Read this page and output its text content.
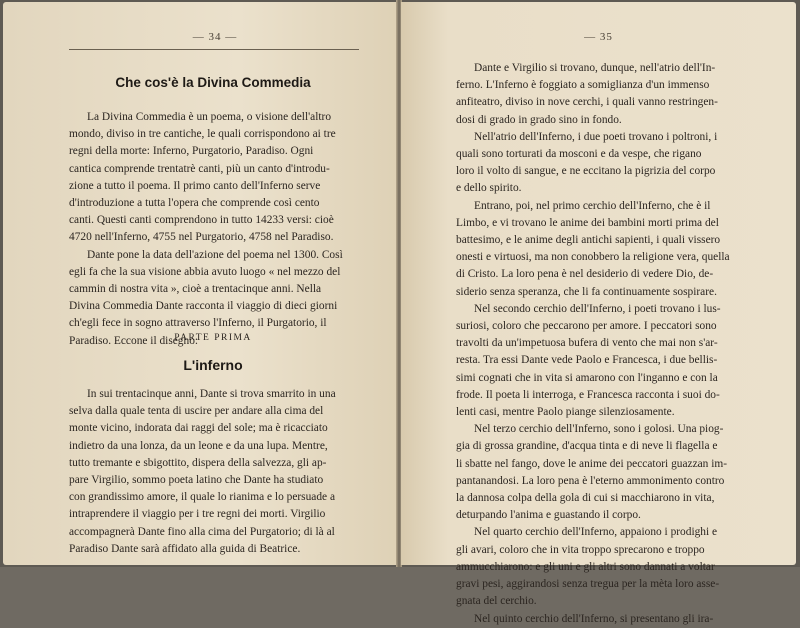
— 34 —
Che cos'è la Divina Commedia
La Divina Commedia è un poema, o visione dell'altro
mondo, diviso in tre cantiche, le quali corrispondono ai tre
regni della morte: Inferno, Purgatorio, Paradiso. Ogni
cantica comprende trentatrè canti, più un canto d'introdu-
zione a tutto il poema. Il primo canto dell'Inferno serve
d'introduzione a tutta l'opera che comprende così cento
canti. Questi canti comprendono in tutto 14233 versi: cioè
4720 nell'Inferno, 4755 nel Purgatorio, 4758 nel Paradiso.
Dante pone la data dell'azione del poema nel 1300. Così
egli fa che la sua visione abbia avuto luogo « nel mezzo del
cammin di nostra vita », cioè a trentacinque anni. Nella
Divina Commedia Dante racconta il viaggio di dieci giorni
ch'egli fece in sogno attraverso l'Inferno, il Purgatorio, il
Paradiso. Eccone il disegno:
PARTE PRIMA
L'inferno
In sui trentacinque anni, Dante si trova smarrito in una
selva dalla quale tenta di uscire per andare alla cima del
monte vicino, indorata dai raggi del sole; ma è ricacciato
indietro da una lonza, da un leone e da una lupa. Mentre,
tutto tremante e sbigottito, dispera della salvezza, gli ap-
pare Virgilio, sommo poeta latino che Dante ha studiato
con grandissimo amore, il quale lo rianima e lo persuade a
intraprendere il viaggio per i tre regni dei morti. Virgilio
accompagnerà Dante fino alla cima del Purgatorio; di là al
Paradiso Dante sarà affidato alla guida di Beatrice.
— 35
Dante e Virgilio si trovano, dunque, nell'atrio dell'In-
ferno. L'Inferno è foggiato a somiglianza d'un immenso
anfiteatro, diviso in nove cerchi, i quali vanno restringen-
dosi di grado in grado sino in fondo.
Nell'atrio dell'Inferno, i due poeti trovano i poltroni, i
quali sono torturati da mosconi e da vespe, che rigano
loro il volto di sangue, e ne eccitano la pigrizia del corpo
e dello spirito.
Entrano, poi, nel primo cerchio dell'Inferno, che è il
Limbo, e vi trovano le anime dei bambini morti prima del
battesimo, e le anime degli antichi sapienti, i quali vissero
onesti e virtuosi, ma non conobbero la religione vera, quella
di Cristo. La loro pena è nel desiderio di vedere Dio, de-
siderio senza speranza, che li fa continuamente sospirare.
Nel secondo cerchio dell'Inferno, i poeti trovano i lus-
suriosi, coloro che peccarono per amore. I peccatori sono
travolti da un'impetuosa bufera di vento che mai non s'ar-
resta. Tra essi Dante vede Paolo e Francesca, i due bellis-
simi cognati che in vita si amarono con l'inganno e con la
frode. Il poeta li interroga, e Francesca racconta i suoi do-
lenti casi, mentre Paolo piange silenziosamente.
Nel terzo cerchio dell'Inferno, sono i golosi. Una piog-
gia di grossa grandine, d'acqua tinta e di neve li flagella e
li sbatte nel fango, dove le anime dei peccatori guazzan im-
pantanandosi. La loro pena è l'eterno ammonimento contro
la dannosa colpa della gola di cui si macchiarono in vita,
deturpando l'anima e guastando il corpo.
Nel quarto cerchio dell'Inferno, appaiono i prodighi e
gli avari, coloro che in vita troppo sprecarono e troppo
ammucchiarono: e gli uni e gli altri sono dannati a voltar
gravi pesi, aggirandosi senza tregua per la mèta loro asse-
gnata del cerchio.
Nel quinto cerchio dell'Inferno, si presentano gli ira-
